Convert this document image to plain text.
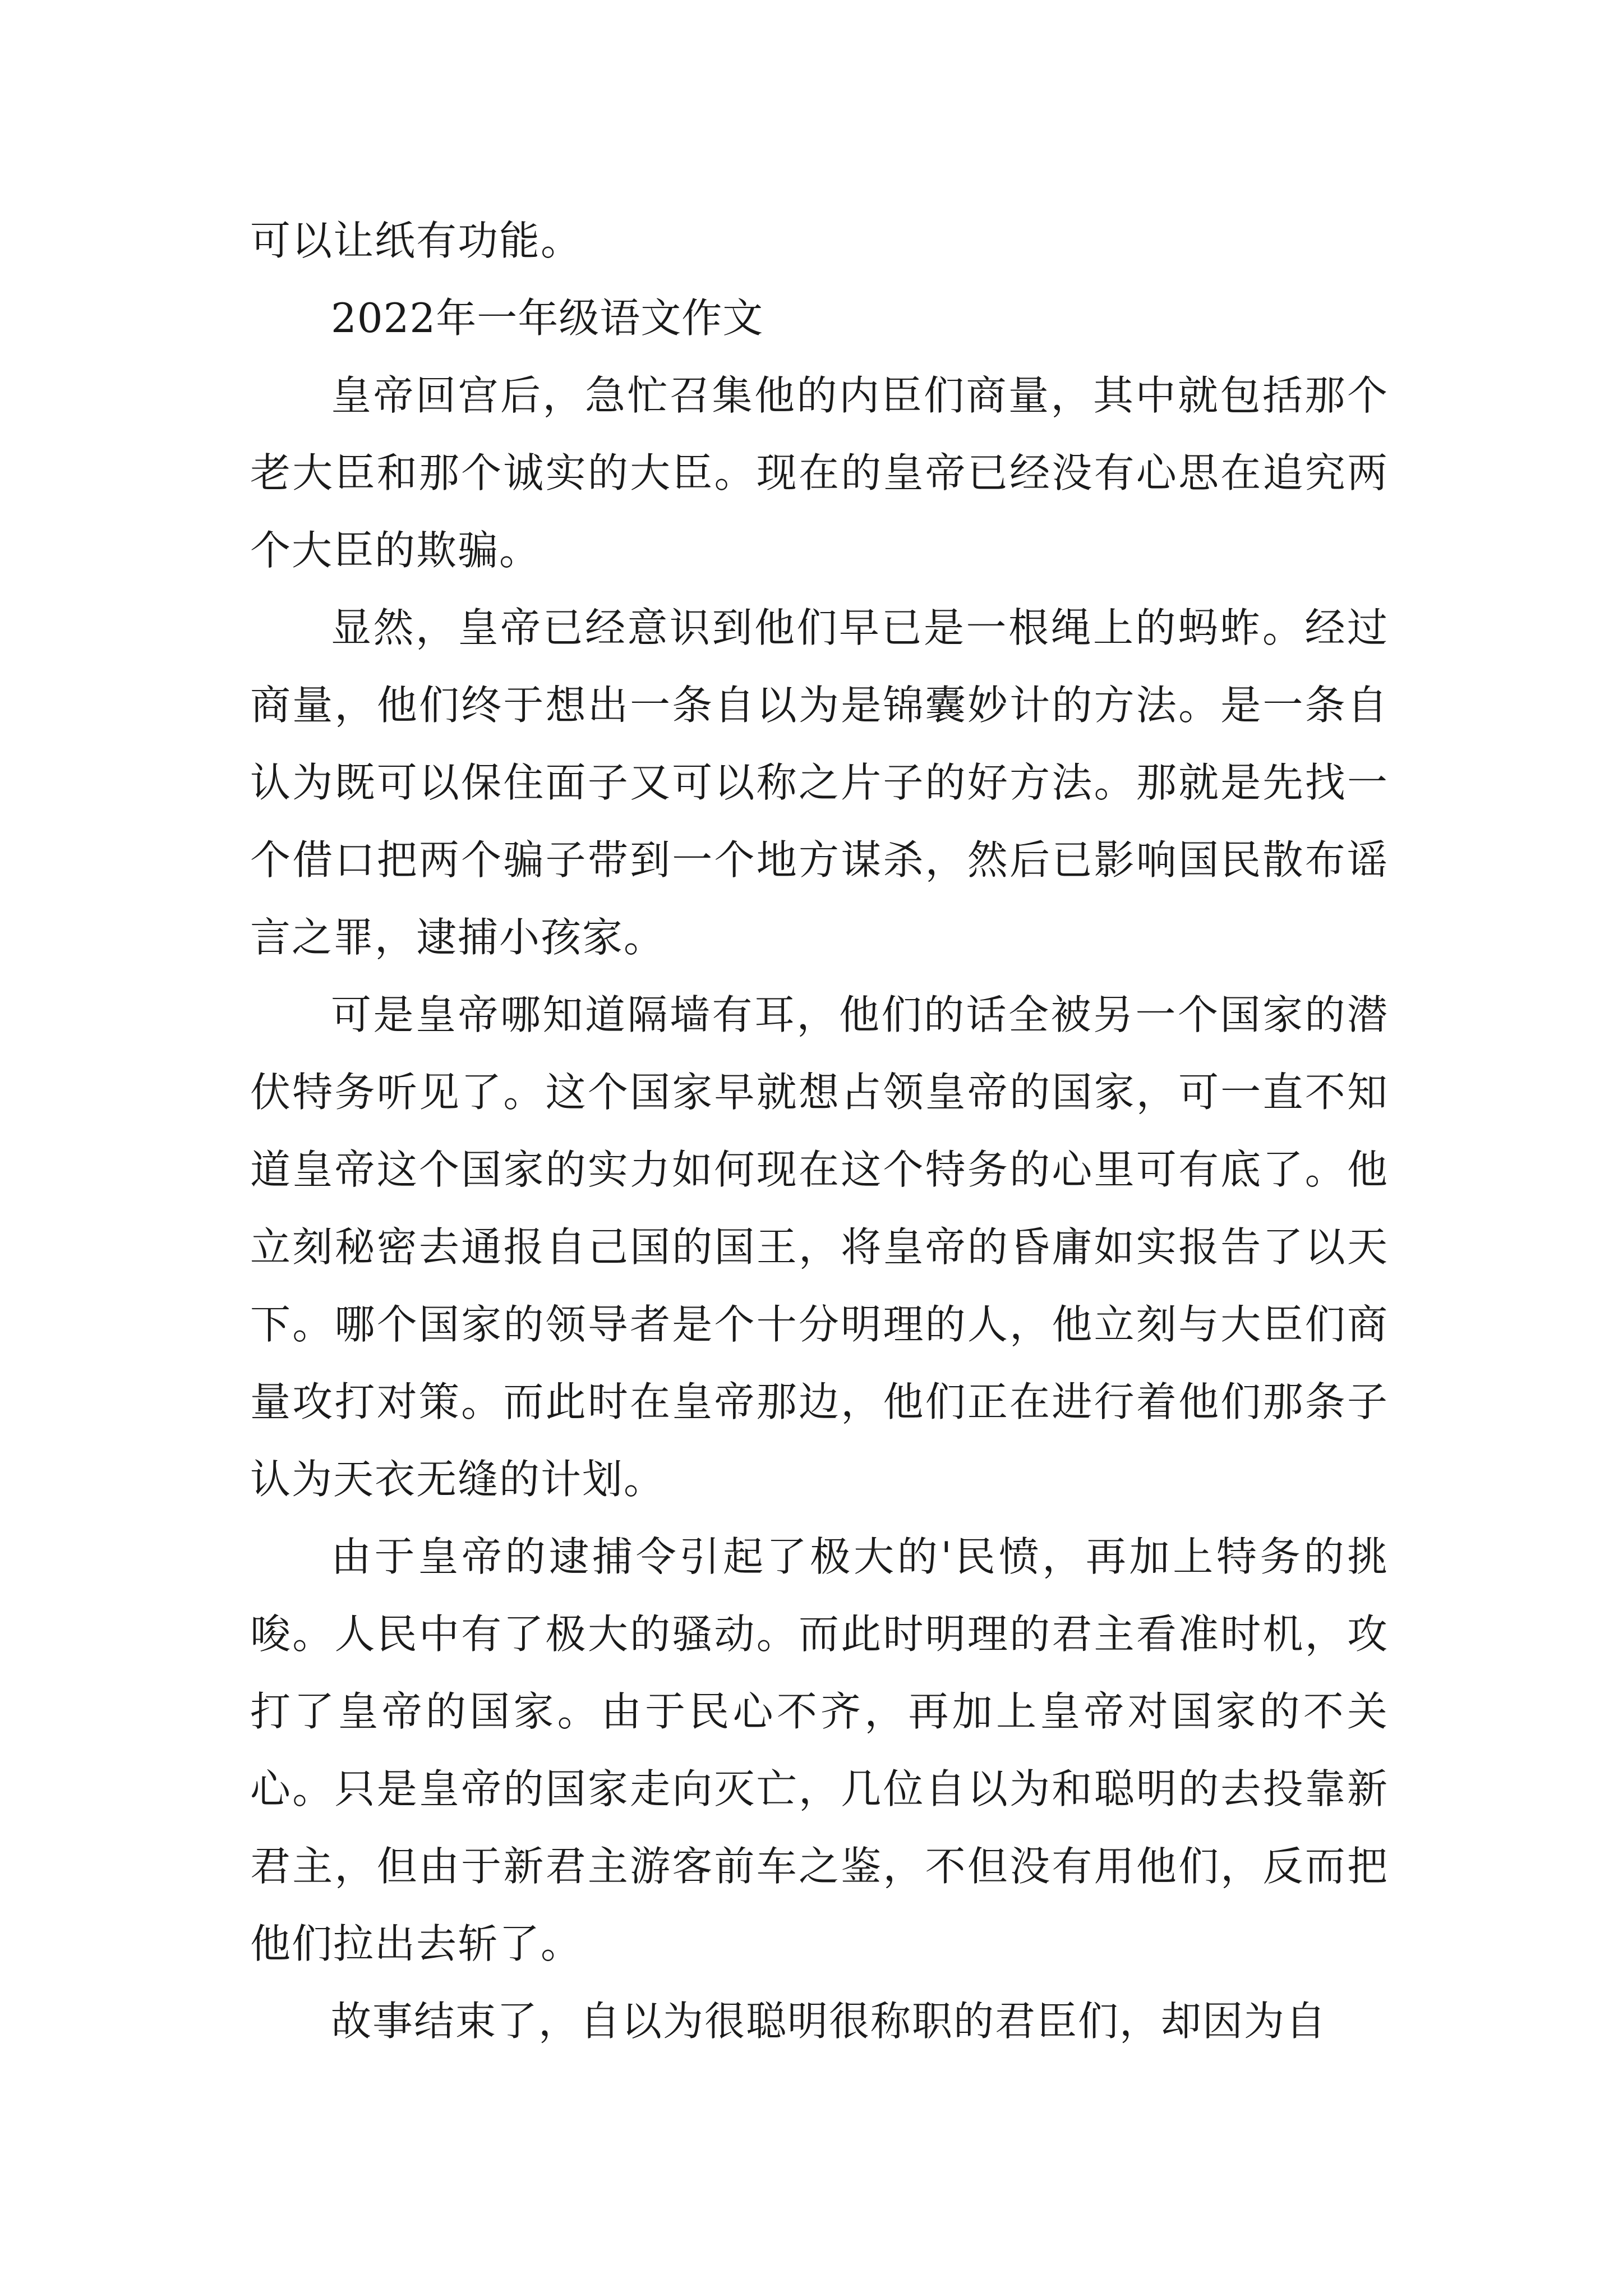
可以让纸有功能。

2022年一年级语文作文

皇帝回宫后，急忙召集他的内臣们商量，其中就包括那个老大臣和那个诚实的大臣。现在的皇帝已经没有心思在追究两个大臣的欺骗。

显然，皇帝已经意识到他们早已是一根绳上的蚂蚱。经过商量，他们终于想出一条自以为是锦囊妙计的方法。是一条自认为既可以保住面子又可以称之片子的好方法。那就是先找一个借口把两个骗子带到一个地方谋杀，然后已影响国民散布谣言之罪，逮捕小孩家。

可是皇帝哪知道隔墙有耳，他们的话全被另一个国家的潜伏特务听见了。这个国家早就想占领皇帝的国家，可一直不知道皇帝这个国家的实力如何现在这个特务的心里可有底了。他立刻秘密去通报自己国的国王，将皇帝的昏庸如实报告了以天下。哪个国家的领导者是个十分明理的人，他立刻与大臣们商量攻打对策。而此时在皇帝那边，他们正在进行着他们那条子认为天衣无缝的计划。

由于皇帝的逮捕令引起了极大的'民愤，再加上特务的挑唆。人民中有了极大的骚动。而此时明理的君主看准时机，攻打了皇帝的国家。由于民心不齐，再加上皇帝对国家的不关心。只是皇帝的国家走向灭亡，几位自以为和聪明的去投靠新君主，但由于新君主游客前车之鉴，不但没有用他们，反而把他们拉出去斩了。

故事结束了，自以为很聪明很称职的君臣们，却因为自
